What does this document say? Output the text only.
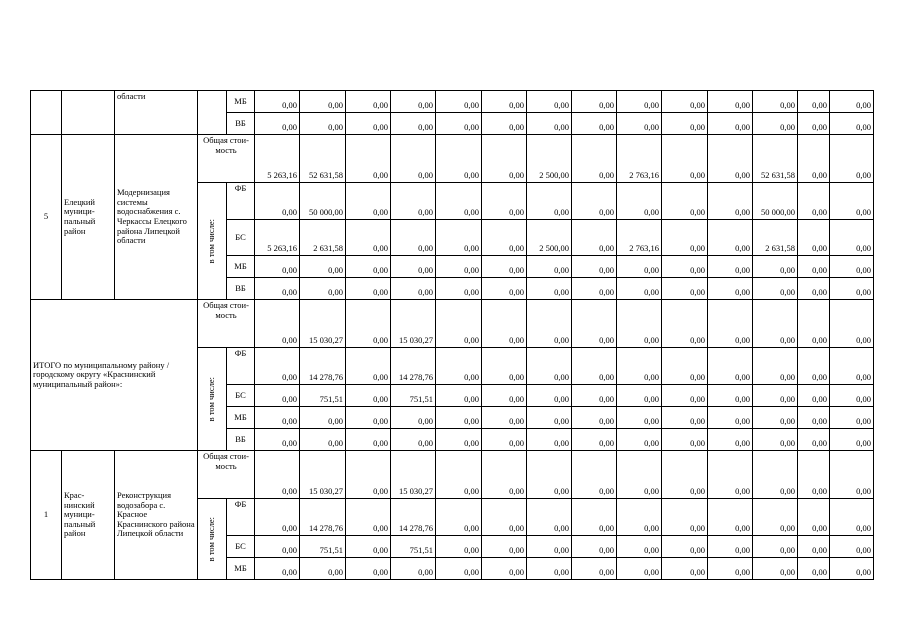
		области		МБ	0,00	0,00	0,00	0,00	0,00	0,00	0,00	0,00	0,00	0,00	0,00	0,00	0,00	0,00
				ВБ	0,00	0,00	0,00	0,00	0,00	0,00	0,00	0,00	0,00	0,00	0,00	0,00	0,00	0,00
5	Елецкий муници-пальный район	Модернизация системы водоснабжения с. Черкассы Елецкого района Липецкой области	Общая стои-мость		5 263,16	52 631,58	0,00	0,00	0,00	0,00	2 500,00	0,00	2 763,16	0,00	0,00	52 631,58	0,00	0,00

			в том числе:	ФБ	0,00	50 000,00	0,00	0,00	0,00	0,00	0,00	0,00	0,00	0,00	0,00	50 000,00	0,00	0,00
				БС	5 263,16	2 631,58	0,00	0,00	0,00	0,00	2 500,00	0,00	2 763,16	0,00	0,00	2 631,58	0,00	0,00
				МБ	0,00	0,00	0,00	0,00	0,00	0,00	0,00	0,00	0,00	0,00	0,00	0,00	0,00	0,00
				ВБ	0,00	0,00	0,00	0,00	0,00	0,00	0,00	0,00	0,00	0,00	0,00	0,00	0,00	0,00
ИТОГО по муниципальному району / городскому округу «Краснинский муниципальный район»:			Общая стои-мость		0,00	15 030,27	0,00	15 030,27	0,00	0,00	0,00	0,00	0,00	0,00	0,00	0,00	0,00	0,00

			в том числе:	ФБ	0,00	14 278,76	0,00	14 278,76	0,00	0,00	0,00	0,00	0,00	0,00	0,00	0,00	0,00	0,00
				БС	0,00	751,51	0,00	751,51	0,00	0,00	0,00	0,00	0,00	0,00	0,00	0,00	0,00	0,00
				МБ	0,00	0,00	0,00	0,00	0,00	0,00	0,00	0,00	0,00	0,00	0,00	0,00	0,00	0,00
				ВБ	0,00	0,00	0,00	0,00	0,00	0,00	0,00	0,00	0,00	0,00	0,00	0,00	0,00	0,00
1	Крас-нинский муници-пальный район	Реконструкция водозабора с. Красное Краснинского района Липецкой области	Общая стои-мость		0,00	15 030,27	0,00	15 030,27	0,00	0,00	0,00	0,00	0,00	0,00	0,00	0,00	0,00	0,00

			в том числе:	ФБ	0,00	14 278,76	0,00	14 278,76	0,00	0,00	0,00	0,00	0,00	0,00	0,00	0,00	0,00	0,00
				БС	0,00	751,51	0,00	751,51	0,00	0,00	0,00	0,00	0,00	0,00	0,00	0,00	0,00	0,00
				МБ	0,00	0,00	0,00	0,00	0,00	0,00	0,00	0,00	0,00	0,00	0,00	0,00	0,00	0,00
